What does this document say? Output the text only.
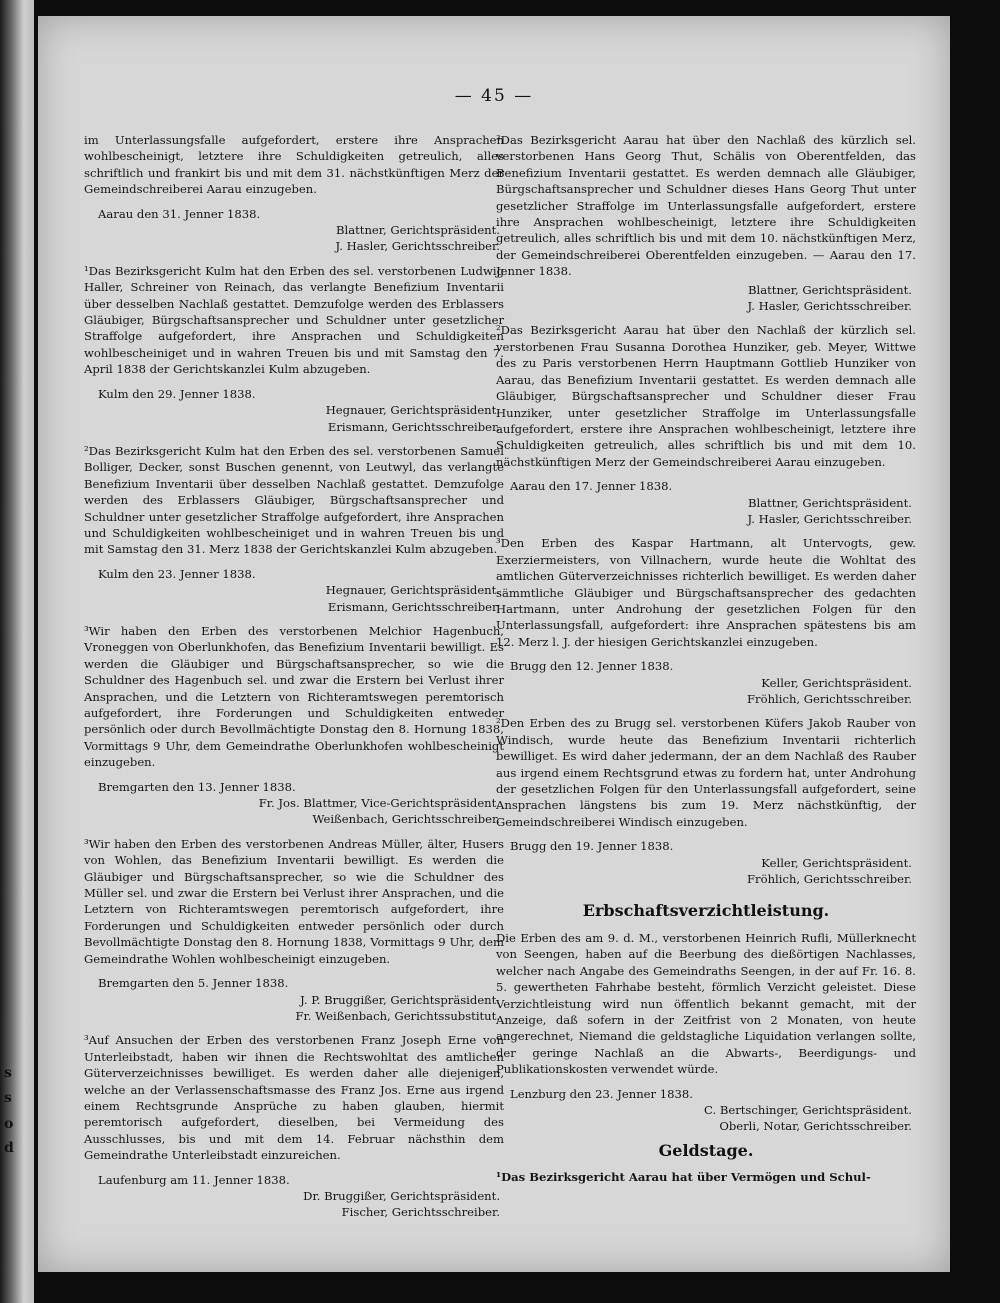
s
s
o
d
— 45 —

im Unterlassungsfalle aufgefordert, erstere ihre Ansprachen wohlbescheinigt, letztere ihre Schuldigkeiten getreulich, alles schriftlich und frankirt bis und mit dem 31. nächstkünftigen Merz der Gemeindschreiberei Aarau einzugeben.

Aarau den 31. Jenner 1838.

Blattner, Gerichtspräsident.

J. Hasler, Gerichtsschreiber.

¹Das Bezirksgericht Kulm hat den Erben des sel. verstorbenen Ludwig Haller, Schreiner von Reinach, das verlangte Benefizium Inventarii über desselben Nachlaß gestattet. Demzufolge werden des Erblassers Gläubiger, Bürgschaftsansprecher und Schuldner unter gesetzlicher Straffolge aufgefordert, ihre Ansprachen und Schuldigkeiten wohlbescheiniget und in wahren Treuen bis und mit Samstag den 7. April 1838 der Gerichtskanzlei Kulm abzugeben.

Kulm den 29. Jenner 1838.

Hegnauer, Gerichtspräsident.

Erismann, Gerichtsschreiber.

²Das Bezirksgericht Kulm hat den Erben des sel. verstorbenen Samuel Bolliger, Decker, sonst Buschen genennt, von Leutwyl, das verlangte Benefizium Inventarii über desselben Nachlaß gestattet. Demzufolge werden des Erblassers Gläubiger, Bürgschaftsansprecher und Schuldner unter gesetzlicher Straffolge aufgefordert, ihre Ansprachen und Schuldigkeiten wohlbescheiniget und in wahren Treuen bis und mit Samstag den 31. Merz 1838 der Gerichtskanzlei Kulm abzugeben.

Kulm den 23. Jenner 1838.

Hegnauer, Gerichtspräsident.

Erismann, Gerichtsschreiber.

³Wir haben den Erben des verstorbenen Melchior Hagenbuch, Vroneggen von Oberlunkhofen, das Benefizium Inventarii bewilligt. Es werden die Gläubiger und Bürgschaftsansprecher, so wie die Schuldner des Hagenbuch sel. und zwar die Erstern bei Verlust ihrer Ansprachen, und die Letztern von Richteramtswegen peremtorisch aufgefordert, ihre Forderungen und Schuldigkeiten entweder persönlich oder durch Bevollmächtigte Donstag den 8. Hornung 1838, Vormittags 9 Uhr, dem Gemeindrathe Oberlunkhofen wohlbescheinigt einzugeben.

Bremgarten den 13. Jenner 1838.

Fr. Jos. Blattmer, Vice-Gerichtspräsident.

Weißenbach, Gerichtsschreiber.

³Wir haben den Erben des verstorbenen Andreas Müller, älter, Husers von Wohlen, das Benefizium Inventarii bewilligt. Es werden die Gläubiger und Bürgschaftsansprecher, so wie die Schuldner des Müller sel. und zwar die Erstern bei Verlust ihrer Ansprachen, und die Letztern von Richteramtswegen peremtorisch aufgefordert, ihre Forderungen und Schuldigkeiten entweder persönlich oder durch Bevollmächtigte Donstag den 8. Hornung 1838, Vormittags 9 Uhr, dem Gemeindrathe Wohlen wohlbescheinigt einzugeben.

Bremgarten den 5. Jenner 1838.

J. P. Bruggißer, Gerichtspräsident.

Fr. Weißenbach, Gerichtssubstitut.

³Auf Ansuchen der Erben des verstorbenen Franz Joseph Erne von Unterleibstadt, haben wir ihnen die Rechtswohltat des amtlichen Güterverzeichnisses bewilliget. Es werden daher alle diejenigen, welche an der Verlassenschaftsmasse des Franz Jos. Erne aus irgend einem Rechtsgrunde Ansprüche zu haben glauben, hiermit peremtorisch aufgefordert, dieselben, bei Vermeidung des Ausschlusses, bis und mit dem 14. Februar nächsthin dem Gemeindrathe Unterleibstadt einzureichen.

Laufenburg am 11. Jenner 1838.

Dr. Bruggißer, Gerichtspräsident.

Fischer, Gerichtsschreiber.

³Das Bezirksgericht Aarau hat über den Nachlaß des kürzlich sel. verstorbenen Hans Georg Thut, Schälis von Oberentfelden, das Benefizium Inventarii gestattet. Es werden demnach alle Gläubiger, Bürgschaftsansprecher und Schuldner dieses Hans Georg Thut unter gesetzlicher Straffolge im Unterlassungsfalle aufgefordert, erstere ihre Ansprachen wohlbescheinigt, letztere ihre Schuldigkeiten getreulich, alles schriftlich bis und mit dem 10. nächstkünftigen Merz, der Gemeindschreiberei Oberentfelden einzugeben. — Aarau den 17. Jenner 1838.

Blattner, Gerichtspräsident.

J. Hasler, Gerichtsschreiber.

²Das Bezirksgericht Aarau hat über den Nachlaß der kürzlich sel. verstorbenen Frau Susanna Dorothea Hunziker, geb. Meyer, Wittwe des zu Paris verstorbenen Herrn Hauptmann Gottlieb Hunziker von Aarau, das Benefizium Inventarii gestattet. Es werden demnach alle Gläubiger, Bürgschaftsansprecher und Schuldner dieser Frau Hunziker, unter gesetzlicher Straffolge im Unterlassungsfalle aufgefordert, erstere ihre Ansprachen wohlbescheinigt, letztere ihre Schuldigkeiten getreulich, alles schriftlich bis und mit dem 10. nächstkünftigen Merz der Gemeindschreiberei Aarau einzugeben.

Aarau den 17. Jenner 1838.

Blattner, Gerichtspräsident.

J. Hasler, Gerichtsschreiber.

³Den Erben des Kaspar Hartmann, alt Untervogts, gew. Exerziermeisters, von Villnachern, wurde heute die Wohltat des amtlichen Güterverzeichnisses richterlich bewilliget. Es werden daher sämmtliche Gläubiger und Bürgschaftsansprecher des gedachten Hartmann, unter Androhung der gesetzlichen Folgen für den Unterlassungsfall, aufgefordert: ihre Ansprachen spätestens bis am 12. Merz l. J. der hiesigen Gerichtskanzlei einzugeben.

Brugg den 12. Jenner 1838.

Keller, Gerichtspräsident.

Fröhlich, Gerichtsschreiber.

²Den Erben des zu Brugg sel. verstorbenen Küfers Jakob Rauber von Windisch, wurde heute das Benefizium Inventarii richterlich bewilliget. Es wird daher jedermann, der an dem Nachlaß des Rauber aus irgend einem Rechtsgrund etwas zu fordern hat, unter Androhung der gesetzlichen Folgen für den Unterlassungsfall aufgefordert, seine Ansprachen längstens bis zum 19. Merz nächstkünftig, der Gemeindschreiberei Windisch einzugeben.

Brugg den 19. Jenner 1838.

Keller, Gerichtspräsident.

Fröhlich, Gerichtsschreiber.

Erbschaftsverzichtleistung.

Die Erben des am 9. d. M., verstorbenen Heinrich Rufli, Müllerknecht von Seengen, haben auf die Beerbung des dießörtigen Nachlasses, welcher nach Angabe des Gemeindraths Seengen, in der auf Fr. 16. 8. 5. gewertheten Fahrhabe besteht, förmlich Verzicht geleistet. Diese Verzichtleistung wird nun öffentlich bekannt gemacht, mit der Anzeige, daß sofern in der Zeitfrist von 2 Monaten, von heute angerechnet, Niemand die geldstagliche Liquidation verlangen sollte, der geringe Nachlaß an die Abwarts-, Beerdigungs- und Publikationskosten verwendet würde.

Lenzburg den 23. Jenner 1838.

C. Bertschinger, Gerichtspräsident.

Oberli, Notar, Gerichtsschreiber.

Geldstage.

¹Das Bezirksgericht Aarau hat über Vermögen und Schul-
